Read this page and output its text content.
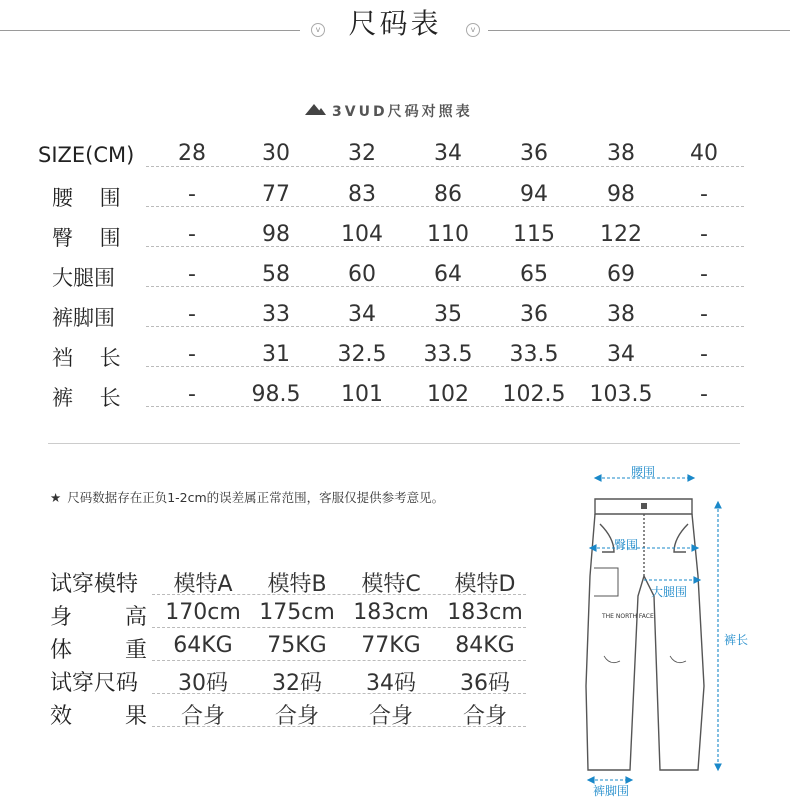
v	尺码表	v
3VUD尺码对照表
SIZE(CM)	28	30	32	34	36	38	40
腰 围	-	77	83	86	94	98	-
臀 围	-	98	104	110	115	122	-
大腿围	-	58	60	64	65	69	-
裤脚围	-	33	34	35	36	38	-
裆 长	-	31	32.5	33.5	33.5	34	-
裤 长	-	98.5	101	102	102.5	103.5	-
★ 尺码数据存在正负1-2cm的误差属正常范围，客服仅提供参考意见。
试穿模特	模特A	模特B	模特C	模特D
身 高 170cm 175cm 183cm 183cm
体 重	64KG	75KG	77KG	84KG
试穿尺码	30码	32码	34码	36码
效 果	合身	合身	合身	合身
THE NORTH FACE
腰围
臀围
大腿围
裤长
裤脚围
